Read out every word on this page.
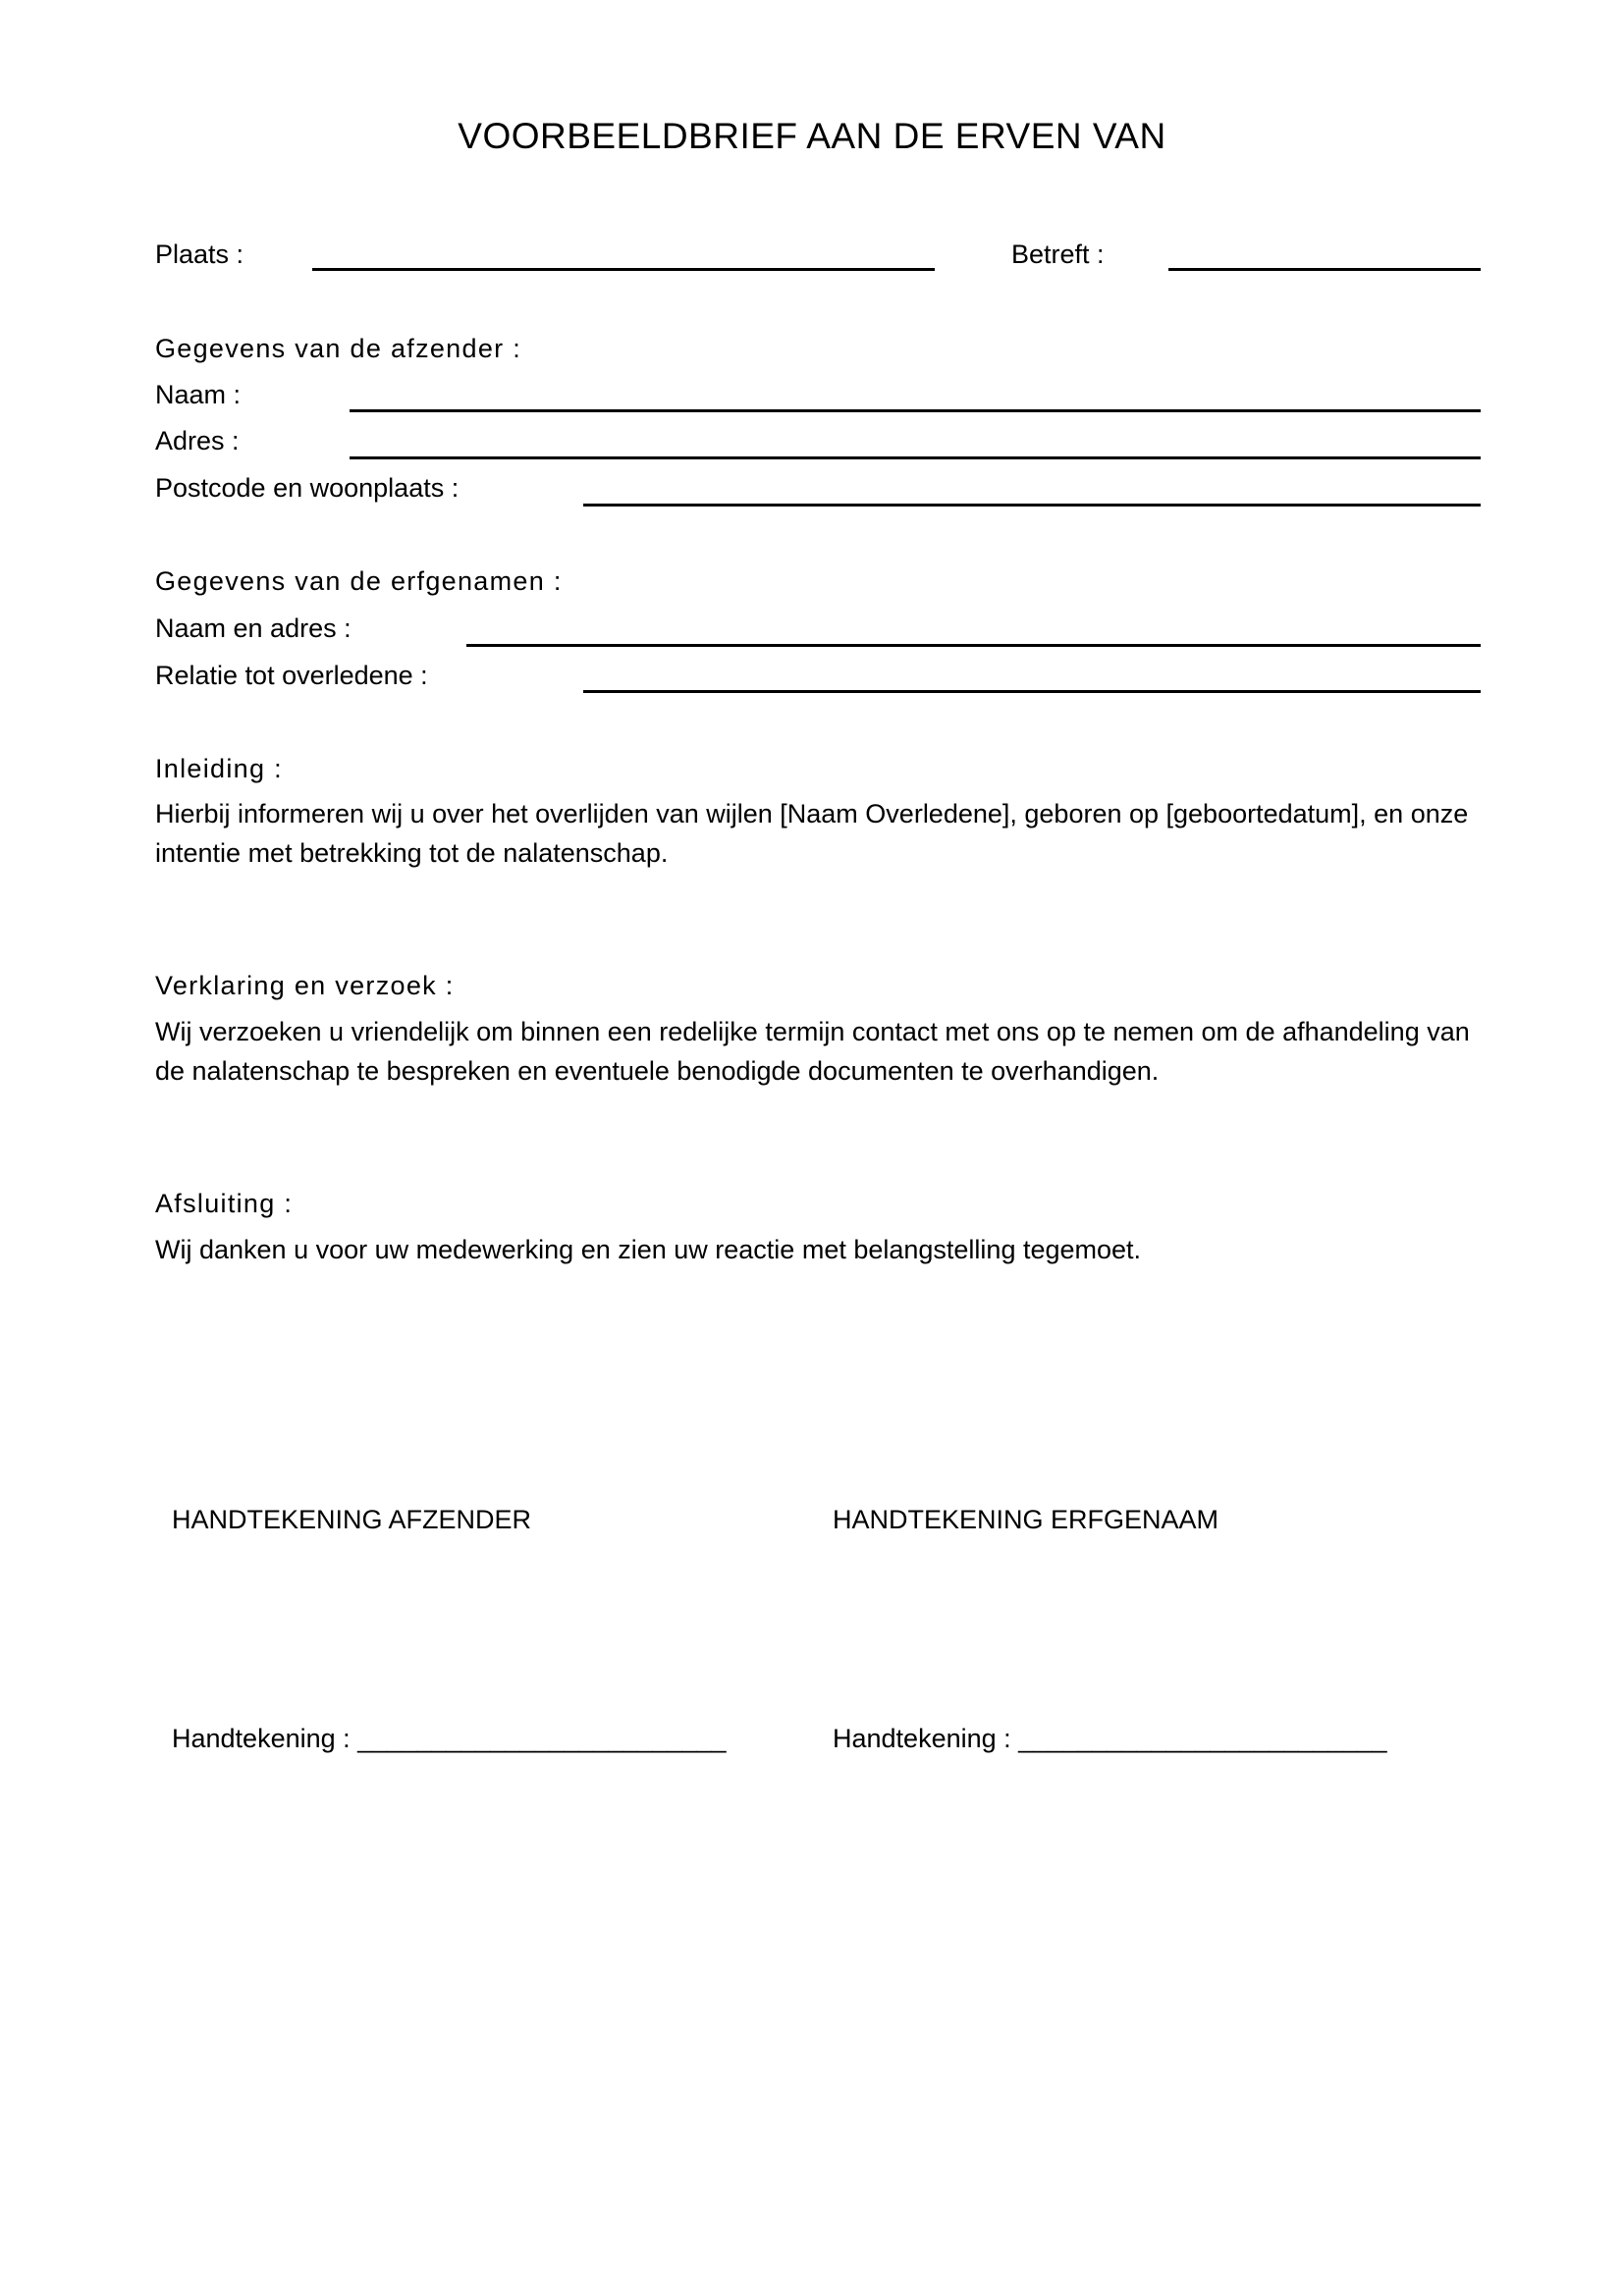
VOORBEELDBRIEF AAN DE ERVEN VAN
Plaats :	Betreft :
Gegevens van de afzender :
Naam :
Adres :
Postcode en woonplaats :
Gegevens van de erfgenamen :
Naam en adres :
Relatie tot overledene :
Inleiding :
Hierbij informeren wij u over het overlijden van wijlen [Naam Overledene], geboren op [geboortedatum], en onze intentie met betrekking tot de nalatenschap.
Verklaring en verzoek :
Wij verzoeken u vriendelijk om binnen een redelijke termijn contact met ons op te nemen om de afhandeling van de nalatenschap te bespreken en eventuele benodigde documenten te overhandigen.
Afsluiting :
Wij danken u voor uw medewerking en zien uw reactie met belangstelling tegemoet.
HANDTEKENING AFZENDER	HANDTEKENING ERFGENAAM
Handtekening : _________________________	Handtekening : _________________________
